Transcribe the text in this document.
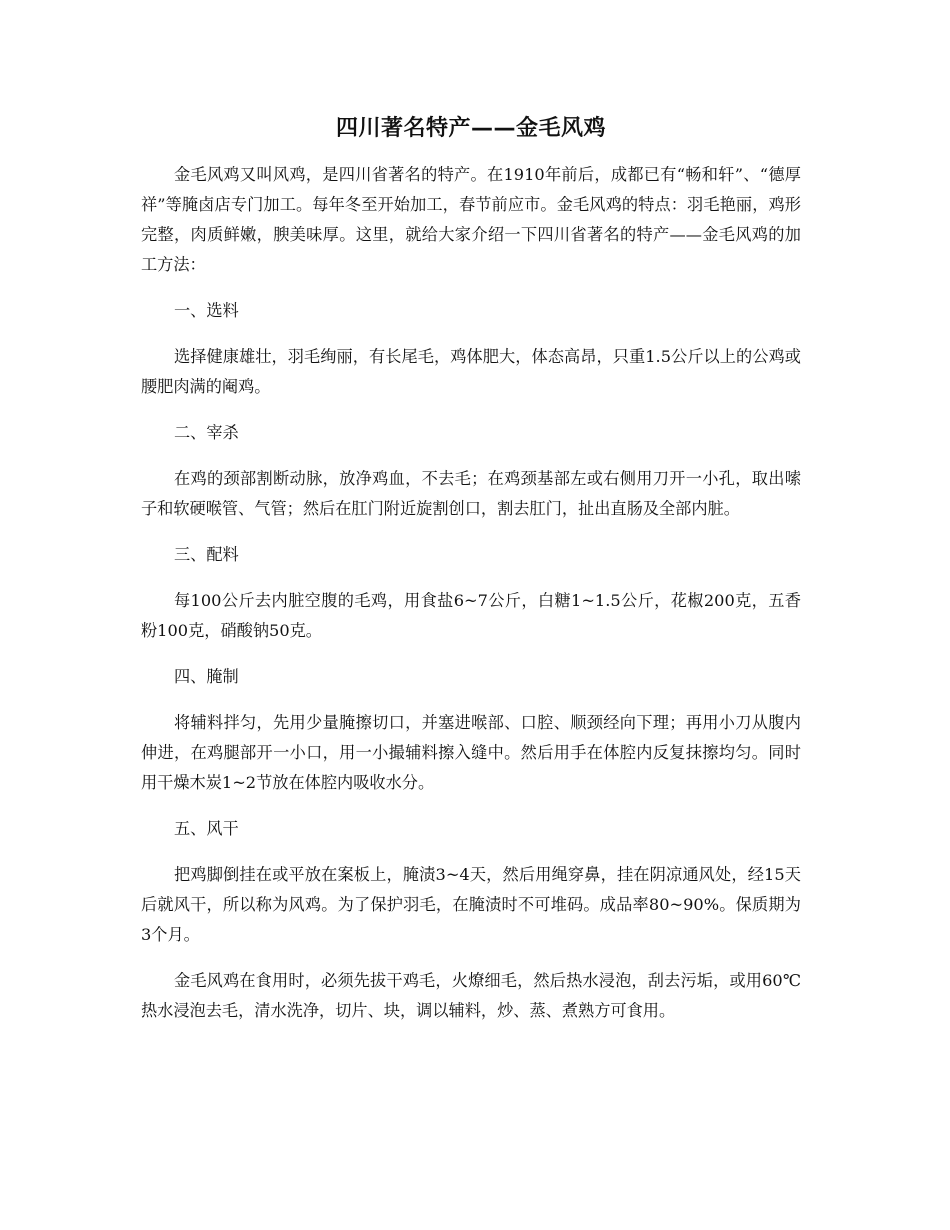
四川著名特产——金毛风鸡

金毛风鸡又叫风鸡，是四川省著名的特产。在1910年前后，成都已有“畅和轩”、“德厚祥”等腌卤店专门加工。每年冬至开始加工，春节前应市。金毛风鸡的特点：羽毛艳丽，鸡形完整，肉质鲜嫩，腴美味厚。这里，就给大家介绍一下四川省著名的特产——金毛风鸡的加工方法：

一、选料

选择健康雄壮，羽毛绚丽，有长尾毛，鸡体肥大，体态高昂，只重1.5公斤以上的公鸡或腰肥肉满的阉鸡。

二、宰杀

在鸡的颈部割断动脉，放净鸡血，不去毛；在鸡颈基部左或右侧用刀开一小孔，取出嗦子和软硬喉管、气管；然后在肛门附近旋割创口，割去肛门，扯出直肠及全部内脏。

三、配料

每100公斤去内脏空腹的毛鸡，用食盐6~7公斤，白糖1~1.5公斤，花椒200克，五香粉100克，硝酸钠50克。

四、腌制

将辅料拌匀，先用少量腌擦切口，并塞进喉部、口腔、顺颈经向下理；再用小刀从腹内伸进，在鸡腿部开一小口，用一小撮辅料擦入缝中。然后用手在体腔内反复抹擦均匀。同时用干燥木炭1~2节放在体腔内吸收水分。

五、风干

把鸡脚倒挂在或平放在案板上，腌渍3~4天，然后用绳穿鼻，挂在阴凉通风处，经15天后就风干，所以称为风鸡。为了保护羽毛，在腌渍时不可堆码。成品率80~90%。保质期为3个月。

金毛风鸡在食用时，必须先拔干鸡毛，火燎细毛，然后热水浸泡，刮去污垢，或用60℃热水浸泡去毛，清水洗净，切片、块，调以辅料，炒、蒸、煮熟方可食用。
